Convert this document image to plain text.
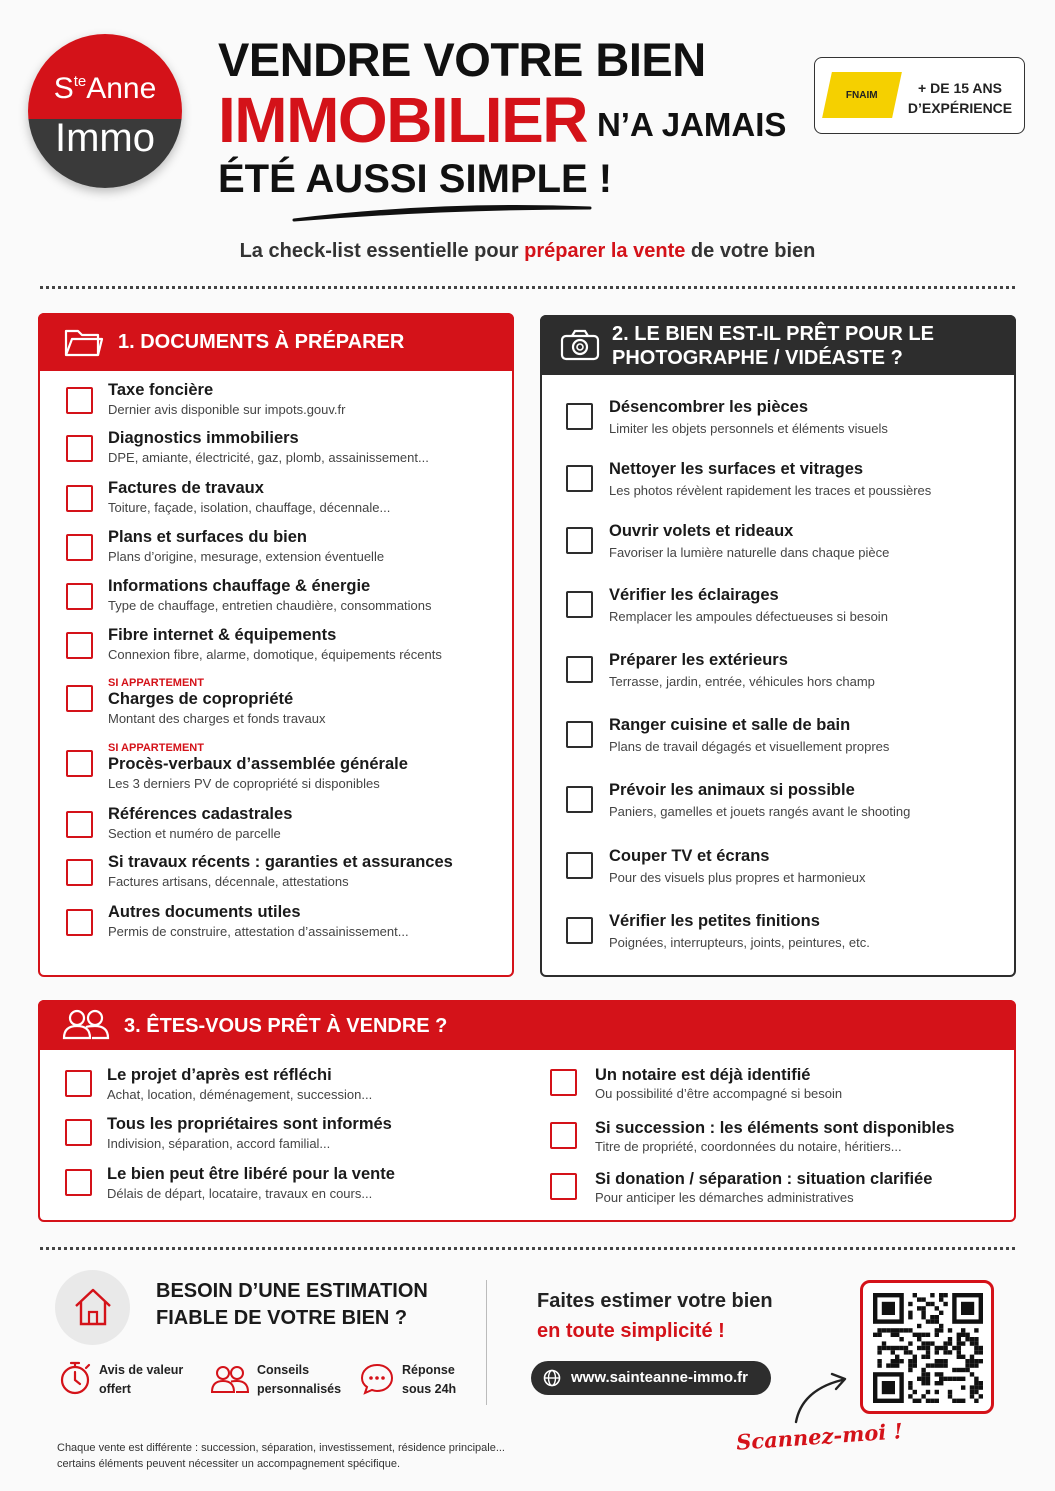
$S^{te}Anne$
Immo
VENDRE VOTRE BIEN
IMMOBILIER N’A JAMAIS
ÉTÉ AUSSI SIMPLE !
FNAIM	+ DE 15 ANS
D’EXPÉRIENCE
La check-list essentielle pour préparer la vente de votre bien
1. DOCUMENTS À PRÉPARER
Taxe foncière
Dernier avis disponible sur impots.gouv.fr
Diagnostics immobiliers
DPE, amiante, électricité, gaz, plomb, assainissement...
Factures de travaux
Toiture, façade, isolation, chauffage, décennale...
Plans et surfaces du bien
Plans d’origine, mesurage, extension éventuelle
Informations chauffage & énergie
Type de chauffage, entretien chaudière, consommations
Fibre internet & équipements
Connexion fibre, alarme, domotique, équipements récents
SI APPARTEMENT
Charges de copropriété
Montant des charges et fonds travaux
SI APPARTEMENT
Procès-verbaux d’assemblée générale
Les 3 derniers PV de copropriété si disponibles
Références cadastrales
Section et numéro de parcelle
Si travaux récents : garanties et assurances
Factures artisans, décennale, attestations
Autres documents utiles
Permis de construire, attestation d’assainissement...
2. LE BIEN EST-IL PRÊT POUR LE
PHOTOGRAPHE / VIDÉASTE ?
Désencombrer les pièces
Limiter les objets personnels et éléments visuels
Nettoyer les surfaces et vitrages
Les photos révèlent rapidement les traces et poussières
Ouvrir volets et rideaux
Favoriser la lumière naturelle dans chaque pièce
Vérifier les éclairages
Remplacer les ampoules défectueuses si besoin
Préparer les extérieurs
Terrasse, jardin, entrée, véhicules hors champ
Ranger cuisine et salle de bain
Plans de travail dégagés et visuellement propres
Prévoir les animaux si possible
Paniers, gamelles et jouets rangés avant le shooting
Couper TV et écrans
Pour des visuels plus propres et harmonieux
Vérifier les petites finitions
Poignées, interrupteurs, joints, peintures, etc.
3. ÊTES-VOUS PRÊT À VENDRE ?
Le projet d’après est réfléchi
Achat, location, déménagement, succession...
Tous les propriétaires sont informés
Indivision, séparation, accord familial...
Le bien peut être libéré pour la vente
Délais de départ, locataire, travaux en cours...
Un notaire est déjà identifié
Ou possibilité d’être accompagné si besoin
Si succession : les éléments sont disponibles
Titre de propriété, coordonnées du notaire, héritiers...
Si donation / séparation : situation clarifiée
Pour anticiper les démarches administratives
BESOIN D’UNE ESTIMATION
FIABLE DE VOTRE BIEN ?
Avis de valeur
offert
Conseils
personnalisés
Réponse
sous 24h
Faites estimer votre bien
en toute simplicité !
www.sainteanne-immo.fr
Scannez-moi !
Chaque vente est différente : succession, séparation, investissement, résidence principale...
certains éléments peuvent nécessiter un accompagnement spécifique.
